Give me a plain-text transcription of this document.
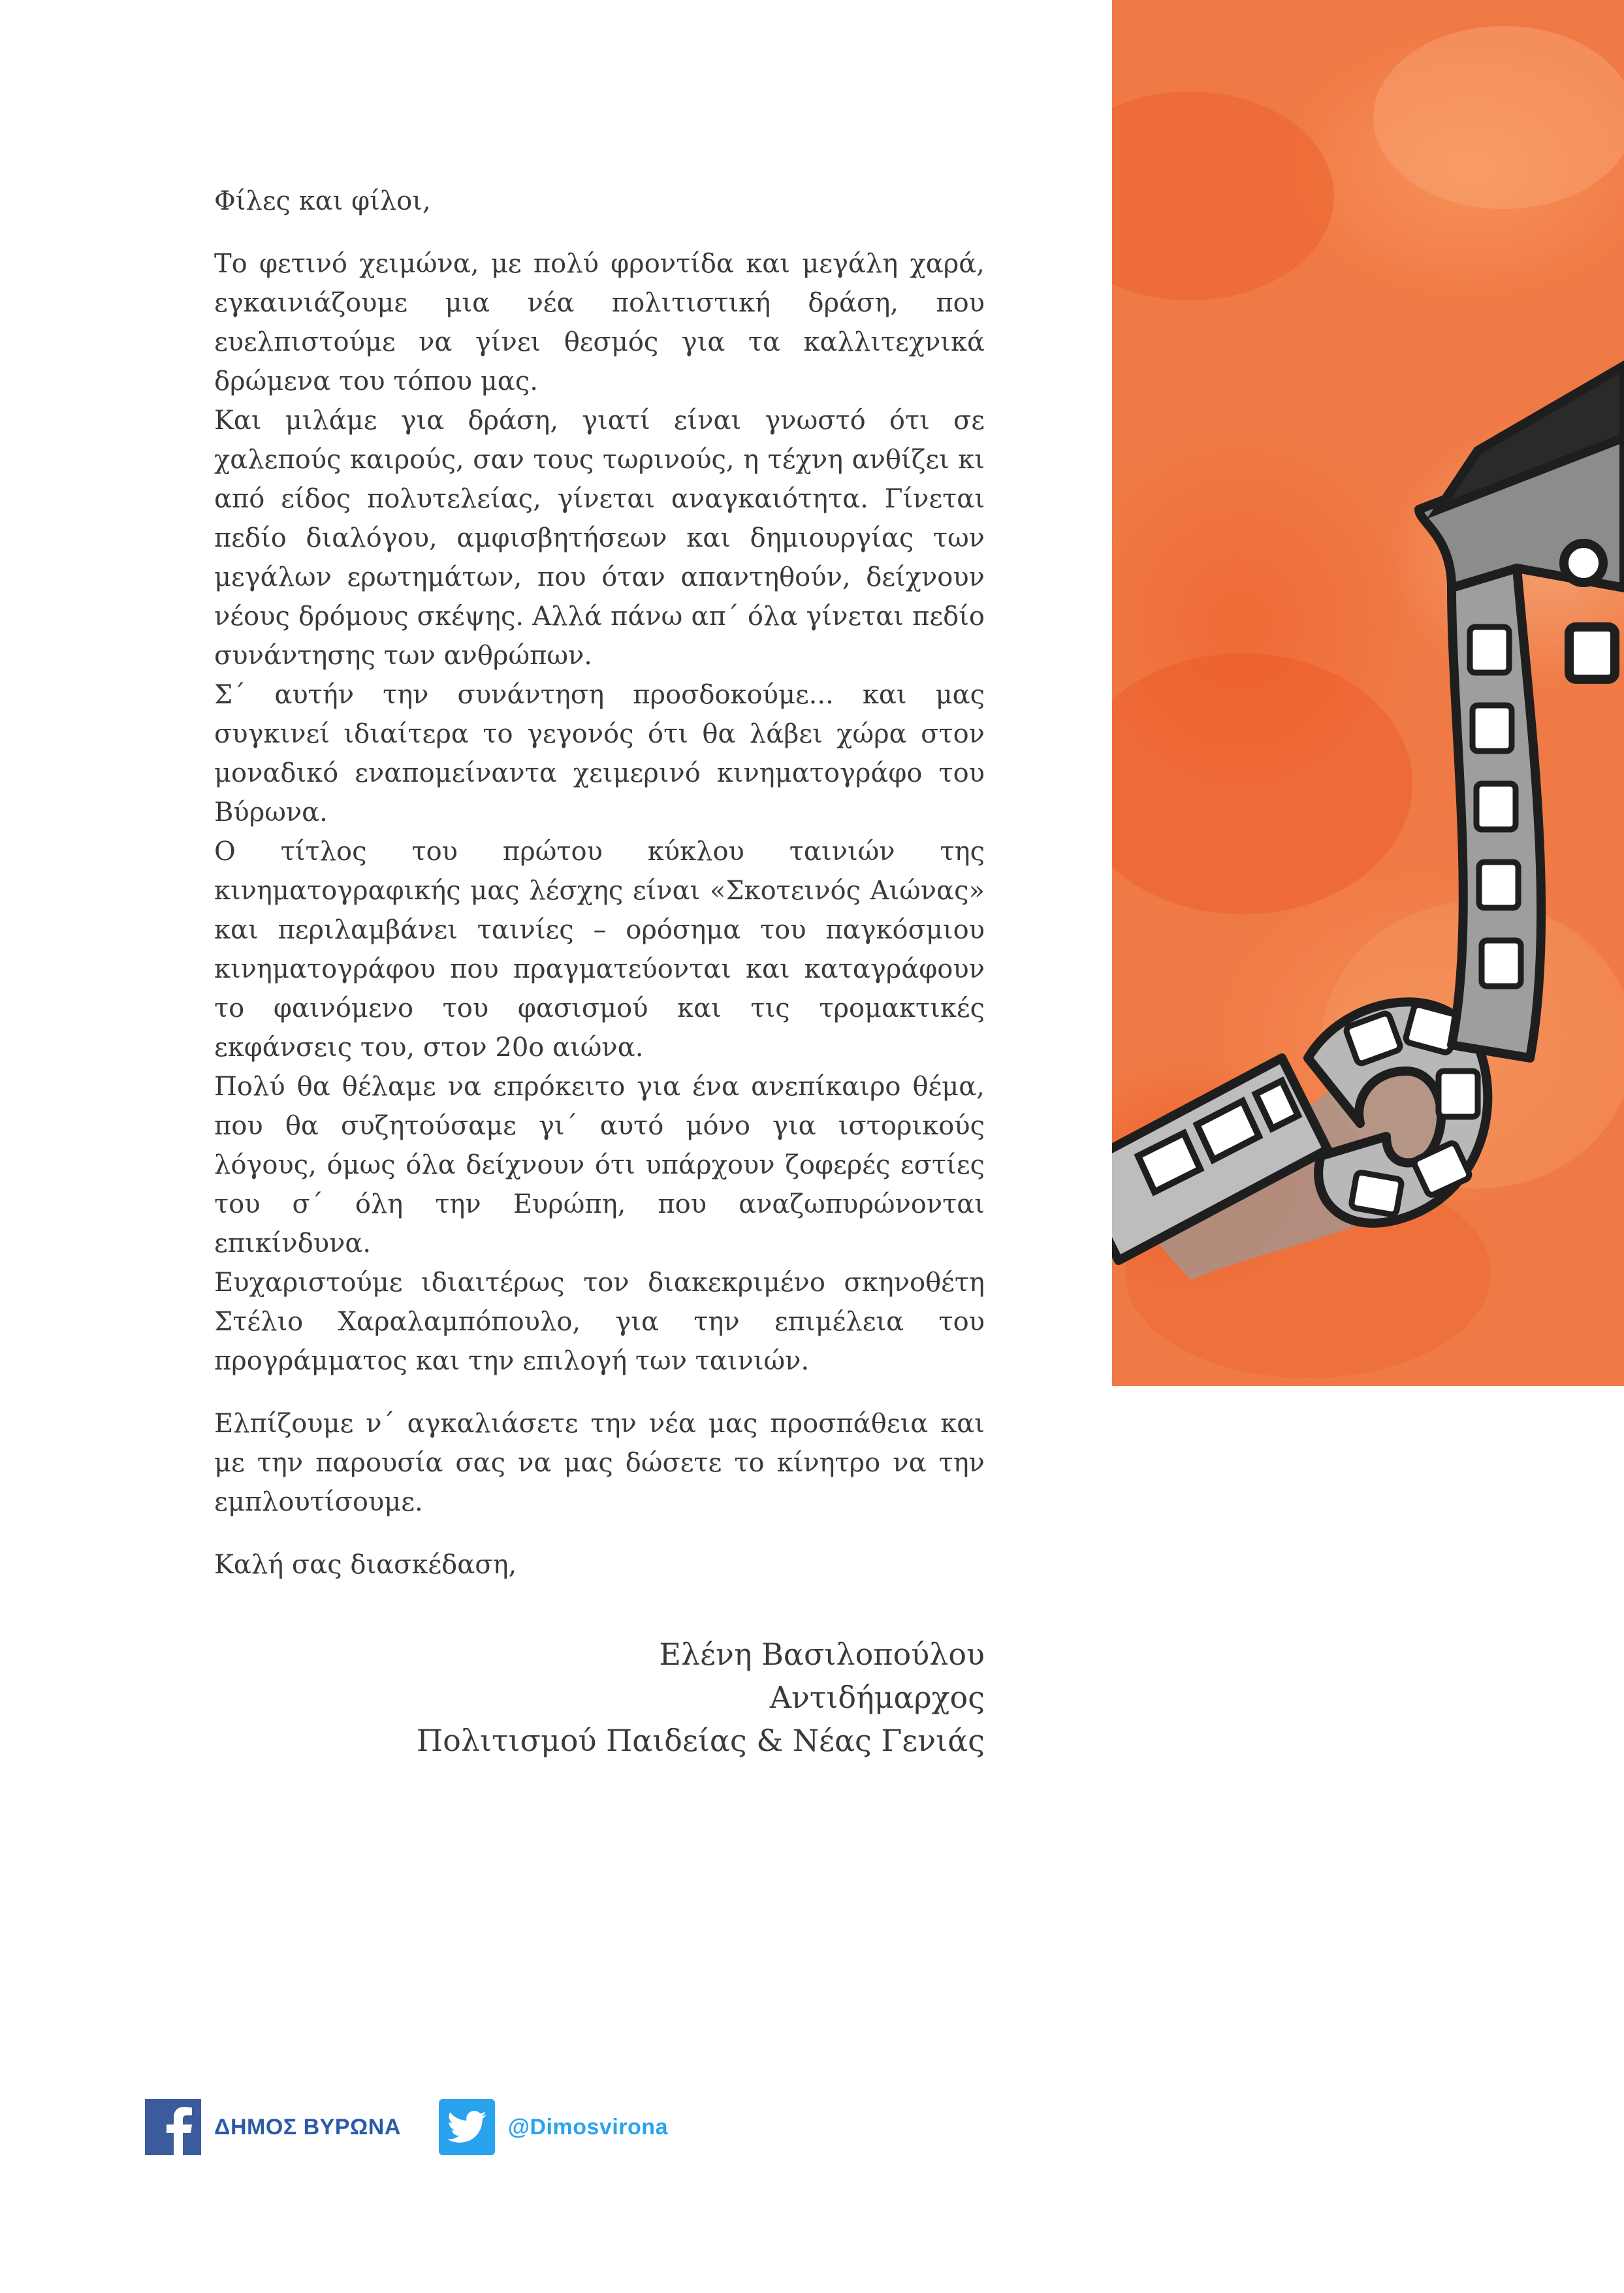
Φίλες και φίλοι,

Το φετινό χειμώνα, με πολύ φροντίδα και μεγάλη χαρά, εγκαινιάζουμε μια νέα πολιτιστική δράση, που ευελπιστούμε να γίνει θεσμός για τα καλλιτεχνικά δρώμενα του τόπου μας.

Και μιλάμε για δράση, γιατί είναι γνωστό ότι σε χαλεπούς καιρούς, σαν τους τωρινούς, η τέχνη ανθίζει κι από είδος πολυτελείας, γίνεται αναγκαιότητα. Γίνεται πεδίο διαλόγου, αμφισβητήσεων και δημιουργίας των μεγάλων ερωτημάτων, που όταν απαντηθούν, δείχνουν νέους δρόμους σκέψης. Αλλά πάνω απ΄ όλα γίνεται πεδίο συνάντησης των ανθρώπων.

Σ΄ αυτήν την συνάντηση προσδοκούμε... και μας συγκινεί ιδιαίτερα το γεγονός ότι θα λάβει χώρα στον μοναδικό εναπομείναντα χειμερινό κινηματογράφο του Βύρωνα.

Ο τίτλος του πρώτου κύκλου ταινιών της κινηματογραφικής μας λέσχης είναι «Σκοτεινός Αιώνας» και περιλαμβάνει ταινίες – ορόσημα του παγκόσμιου κινηματογράφου που πραγματεύονται και καταγράφουν το φαινόμενο του φασισμού και τις τρομακτικές εκφάνσεις του, στον 20ο αιώνα.

Πολύ θα θέλαμε να επρόκειτο για ένα ανεπίκαιρο θέμα, που θα συζητούσαμε γι΄ αυτό μόνο για ιστορικούς λόγους, όμως όλα δείχνουν ότι υπάρχουν ζοφερές εστίες του σ΄ όλη την Ευρώπη, που αναζωπυρώνονται επικίνδυνα.

Ευχαριστούμε ιδιαιτέρως τον διακεκριμένο σκηνοθέτη Στέλιο Χαραλαμπόπουλο, για την επιμέλεια του προγράμματος και την επιλογή των ταινιών.

Ελπίζουμε ν΄ αγκαλιάσετε την νέα μας προσπάθεια και με την παρουσία σας να μας δώσετε το κίνητρο να την εμπλουτίσουμε.

Καλή σας διασκέδαση,

Ελένη Βασιλοπούλου
Αντιδήμαρχος
Πολιτισμού Παιδείας & Νέας Γενιάς
ΔΗΜΟΣ ΒΥΡΩΝΑ	@Dimosvirona
